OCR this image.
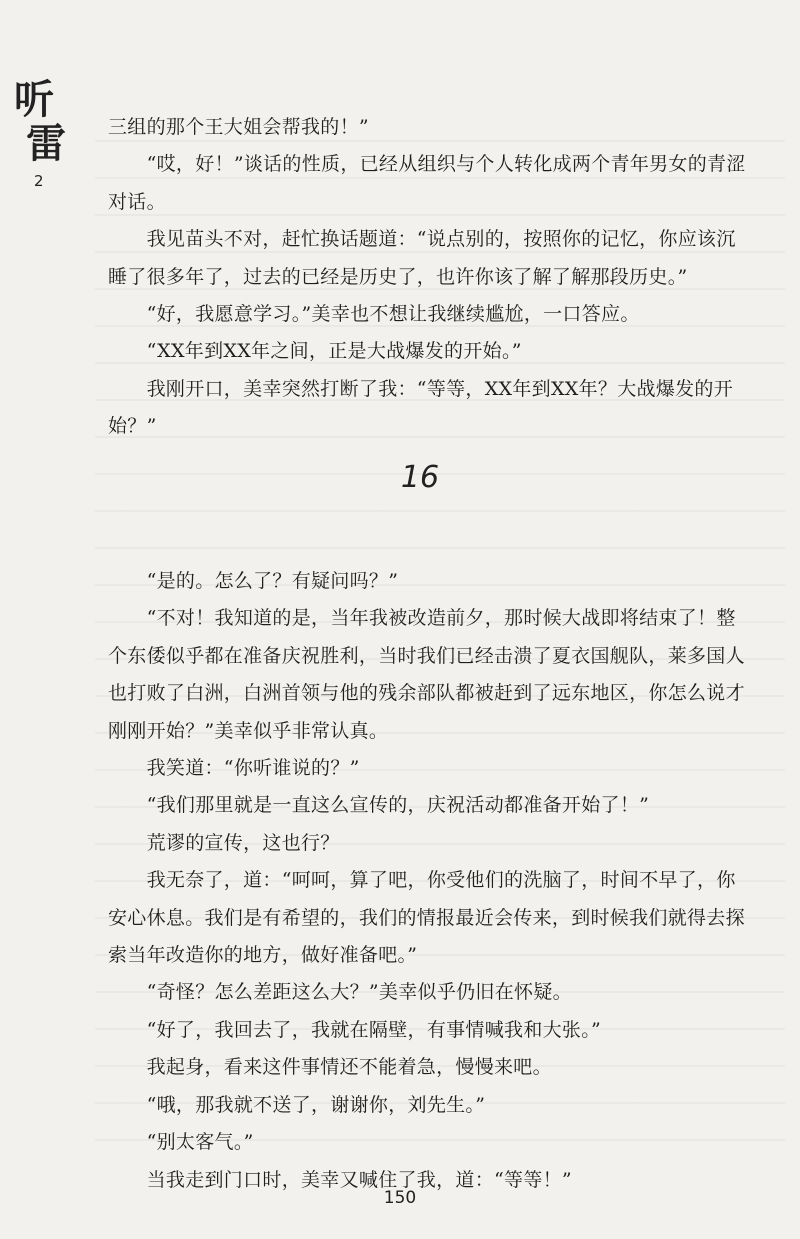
听
雷
2

三组的那个王大姐会帮我的！”

　　“哎，好！”谈话的性质，已经从组织与个人转化成两个青年男女的青涩对话。

　　我见苗头不对，赶忙换话题道：“说点别的，按照你的记忆，你应该沉睡了很多年了，过去的已经是历史了，也许你该了解了解那段历史。”

　　“好，我愿意学习。”美幸也不想让我继续尴尬，一口答应。

　　“XX年到XX年之间，正是大战爆发的开始。”

　　我刚开口，美幸突然打断了我：“等等，XX年到XX年？大战爆发的开始？”

16

　　“是的。怎么了？有疑问吗？”

　　“不对！我知道的是，当年我被改造前夕，那时候大战即将结束了！整个东倭似乎都在准备庆祝胜利，当时我们已经击溃了夏衣国舰队，莱多国人也打败了白洲，白洲首领与他的残余部队都被赶到了远东地区，你怎么说才刚刚开始？”美幸似乎非常认真。

　　我笑道：“你听谁说的？”

　　“我们那里就是一直这么宣传的，庆祝活动都准备开始了！”

　　荒谬的宣传，这也行？

　　我无奈了，道：“呵呵，算了吧，你受他们的洗脑了，时间不早了，你安心休息。我们是有希望的，我们的情报最近会传来，到时候我们就得去探索当年改造你的地方，做好准备吧。”

　　“奇怪？怎么差距这么大？”美幸似乎仍旧在怀疑。

　　“好了，我回去了，我就在隔壁，有事情喊我和大张。”

　　我起身，看来这件事情还不能着急，慢慢来吧。

　　“哦，那我就不送了，谢谢你，刘先生。”

　　“别太客气。”

　　当我走到门口时，美幸又喊住了我，道：“等等！”

150
